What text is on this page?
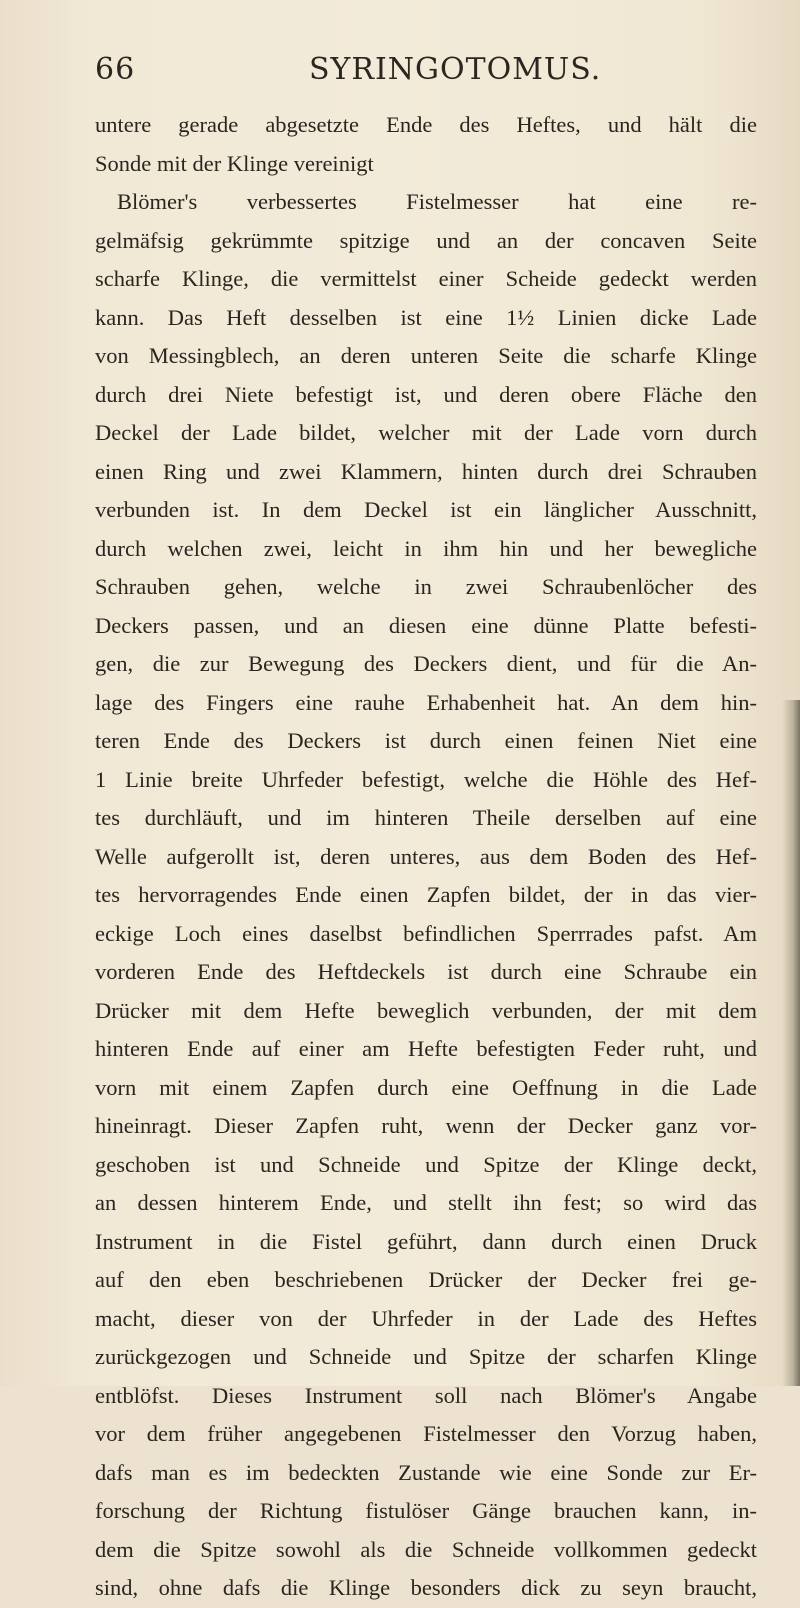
66	SYRINGOTOMUS.
untere gerade abgesetzte Ende des Heftes, und hält die
Sonde mit der Klinge vereinigt
Blömer's verbessertes Fistelmesser hat eine re-
gelmäfsig gekrümmte spitzige und an der concaven Seite
scharfe Klinge, die vermittelst einer Scheide gedeckt werden
kann. Das Heft desselben ist eine 1½ Linien dicke Lade
von Messingblech, an deren unteren Seite die scharfe Klinge
durch drei Niete befestigt ist, und deren obere Fläche den
Deckel der Lade bildet, welcher mit der Lade vorn durch
einen Ring und zwei Klammern, hinten durch drei Schrauben
verbunden ist. In dem Deckel ist ein länglicher Ausschnitt,
durch welchen zwei, leicht in ihm hin und her bewegliche
Schrauben gehen, welche in zwei Schraubenlöcher des
Deckers passen, und an diesen eine dünne Platte befesti-
gen, die zur Bewegung des Deckers dient, und für die An-
lage des Fingers eine rauhe Erhabenheit hat. An dem hin-
teren Ende des Deckers ist durch einen feinen Niet eine
1 Linie breite Uhrfeder befestigt, welche die Höhle des Hef-
tes durchläuft, und im hinteren Theile derselben auf eine
Welle aufgerollt ist, deren unteres, aus dem Boden des Hef-
tes hervorragendes Ende einen Zapfen bildet, der in das vier-
eckige Loch eines daselbst befindlichen Sperrrades pafst. Am
vorderen Ende des Heftdeckels ist durch eine Schraube ein
Drücker mit dem Hefte beweglich verbunden, der mit dem
hinteren Ende auf einer am Hefte befestigten Feder ruht, und
vorn mit einem Zapfen durch eine Oeffnung in die Lade
hineinragt. Dieser Zapfen ruht, wenn der Decker ganz vor-
geschoben ist und Schneide und Spitze der Klinge deckt,
an dessen hinterem Ende, und stellt ihn fest; so wird das
Instrument in die Fistel geführt, dann durch einen Druck
auf den eben beschriebenen Drücker der Decker frei ge-
macht, dieser von der Uhrfeder in der Lade des Heftes
zurückgezogen und Schneide und Spitze der scharfen Klinge
entblöfst. Dieses Instrument soll nach Blömer's Angabe
vor dem früher angegebenen Fistelmesser den Vorzug haben,
dafs man es im bedeckten Zustande wie eine Sonde zur Er-
forschung der Richtung fistulöser Gänge brauchen kann, in-
dem die Spitze sowohl als die Schneide vollkommen gedeckt
sind, ohne dafs die Klinge besonders dick zu seyn braucht,
